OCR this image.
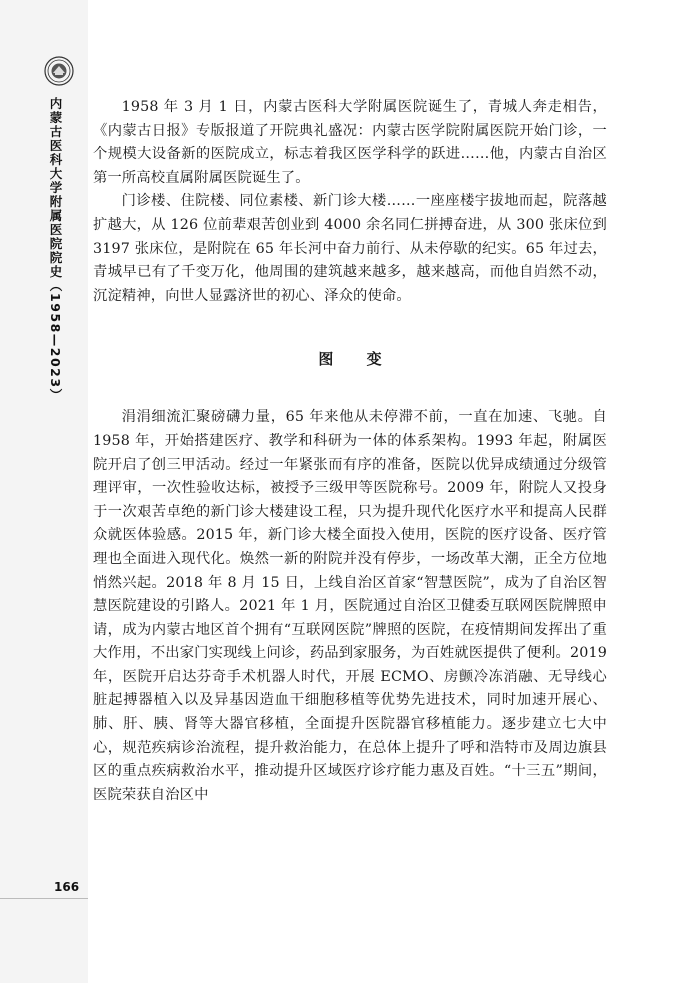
内蒙古医科大学附属医院院史（1958—2023）
166

1958 年 3 月 1 日，内蒙古医科大学附属医院诞生了，青城人奔走相告，《内蒙古日报》专版报道了开院典礼盛况：内蒙古医学院附属医院开始门诊，一个规模大设备新的医院成立，标志着我区医学科学的跃进……他，内蒙古自治区第一所高校直属附属医院诞生了。

门诊楼、住院楼、同位素楼、新门诊大楼……一座座楼宇拔地而起，院落越扩越大，从 126 位前辈艰苦创业到 4000 余名同仁拼搏奋进，从 300 张床位到 3197 张床位，是附院在 65 年长河中奋力前行、从未停歇的纪实。65 年过去，青城早已有了千变万化，他周围的建筑越来越多，越来越高，而他自岿然不动，沉淀精神，向世人显露济世的初心、泽众的使命。

图 变

涓涓细流汇聚磅礴力量，65 年来他从未停滞不前，一直在加速、飞驰。自 1958 年，开始搭建医疗、教学和科研为一体的体系架构。1993 年起，附属医院开启了创三甲活动。经过一年紧张而有序的准备，医院以优异成绩通过分级管理评审，一次性验收达标，被授予三级甲等医院称号。2009 年，附院人又投身于一次艰苦卓绝的新门诊大楼建设工程，只为提升现代化医疗水平和提高人民群众就医体验感。2015 年，新门诊大楼全面投入使用，医院的医疗设备、医疗管理也全面进入现代化。焕然一新的附院并没有停步，一场改革大潮，正全方位地悄然兴起。2018 年 8 月 15 日，上线自治区首家“智慧医院”，成为了自治区智慧医院建设的引路人。2021 年 1 月，医院通过自治区卫健委互联网医院牌照申请，成为内蒙古地区首个拥有“互联网医院”牌照的医院，在疫情期间发挥出了重大作用，不出家门实现线上问诊，药品到家服务，为百姓就医提供了便利。2019 年，医院开启达芬奇手术机器人时代，开展 ECMO、房颤冷冻消融、无导线心脏起搏器植入以及异基因造血干细胞移植等优势先进技术，同时加速开展心、肺、肝、胰、肾等大器官移植，全面提升医院器官移植能力。逐步建立七大中心，规范疾病诊治流程，提升救治能力，在总体上提升了呼和浩特市及周边旗县区的重点疾病救治水平，推动提升区域医疗诊疗能力惠及百姓。“十三五”期间，医院荣获自治区中
